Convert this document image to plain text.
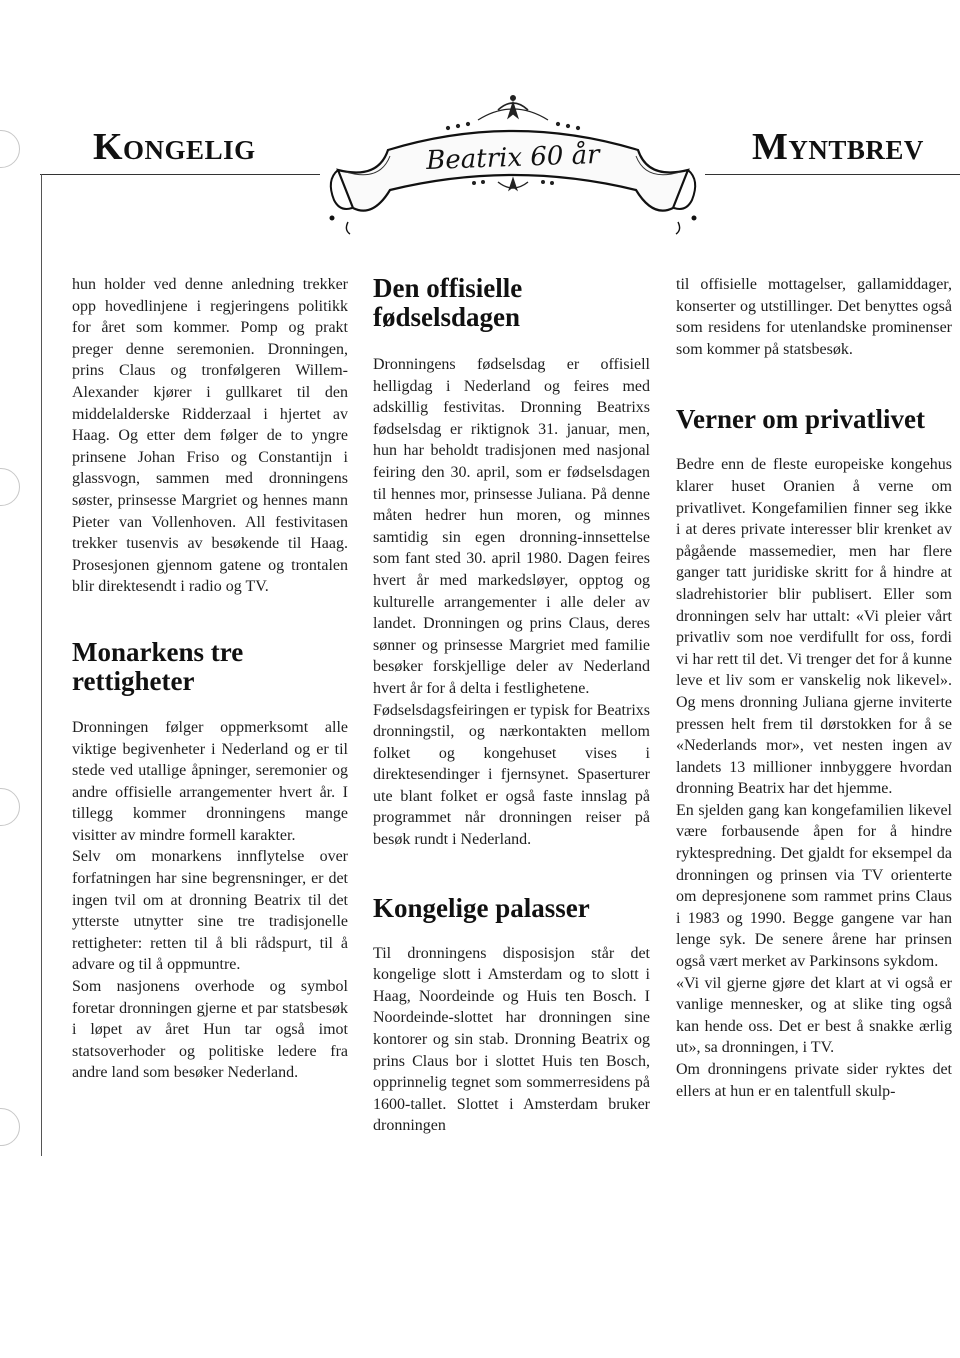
Kongelig	Myntbrev
Beatrix 60 år

hun holder ved denne anledning trekker opp hovedlinjene i regjeringens politikk for året som kommer. Pomp og prakt preger denne seremonien. Dronningen, prins Claus og tronfølgeren Willem-Alexander kjører i gullkaret til den middelalderske Ridderzaal i hjertet av Haag. Og etter dem følger de to yngre prinsene Johan Friso og Constantijn i glassvogn, sammen med dronningens søster, prinsesse Margriet og hennes mann Pieter van Vollenhoven. All festivitasen trekker tusenvis av besøkende til Haag. Prosesjonen gjennom gatene og trontalen blir direktesendt i radio og TV.

Monarkens tre rettigheter

Dronningen følger oppmerksomt alle viktige begivenheter i Nederland og er til stede ved utallige åpninger, seremonier og andre offisielle arrangementer hvert år. I tillegg kommer dronningens mange visitter av mindre formell karakter.

Selv om monarkens innflytelse over forfatningen har sine begrensninger, er det ingen tvil om at dronning Beatrix til det ytterste utnytter sine tre tradisjonelle rettigheter: retten til å bli rådspurt, til å advare og til å oppmuntre.

Som nasjonens overhode og symbol foretar dronningen gjerne et par statsbesøk i løpet av året Hun tar også imot statsoverhoder og politiske ledere fra andre land som besøker Nederland.

Den offisielle fødselsdagen

Dronningens fødselsdag er offisiell helligdag i Nederland og feires med adskillig festivitas. Dronning Beatrixs fødselsdag er riktignok 31. januar, men, hun har beholdt tradisjonen med nasjonal feiring den 30. april, som er fødselsdagen til hennes mor, prinsesse Juliana. På denne måten hedrer hun moren, og minnes samtidig sin egen dronning-innsettelse som fant sted 30. april 1980. Dagen feires hvert år med markedsløyer, opptog og kulturelle arrangementer i alle deler av landet. Dronningen og prins Claus, deres sønner og prinsesse Margriet med familie besøker forskjellige deler av Nederland hvert år for å delta i festlighetene.

Fødselsdagsfeiringen er typisk for Beatrixs dronningstil, og nærkontakten mellom folket og kongehuset vises i direktesendinger i fjernsynet. Spaserturer ute blant folket er også faste innslag på programmet når dronningen reiser på besøk rundt i Nederland.

Kongelige palasser

Til dronningens disposisjon står det kongelige slott i Amsterdam og to slott i Haag, Noordeinde og Huis ten Bosch. I Noordeinde-slottet har dronningen sine kontorer og sin stab. Dronning Beatrix og prins Claus bor i slottet Huis ten Bosch, opprinnelig tegnet som sommerresidens på 1600-tallet. Slottet i Amsterdam bruker dronningen

til offisielle mottagelser, gallamiddager, konserter og utstillinger. Det benyttes også som residens for utenlandske prominenser som kommer på statsbesøk.

Verner om privatlivet

Bedre enn de fleste europeiske kongehus klarer huset Oranien å verne om privatlivet. Kongefamilien finner seg ikke i at deres private interesser blir krenket av pågående massemedier, men har flere ganger tatt juridiske skritt for å hindre at sladrehistorier blir publisert. Eller som dronningen selv har uttalt: «Vi pleier vårt privatliv som noe verdifullt for oss, fordi vi har rett til det. Vi trenger det for å kunne leve et liv som er vanskelig nok likevel». Og mens dronning Juliana gjerne inviterte pressen helt frem til dørstokken for å se «Nederlands mor», vet nesten ingen av landets 13 millioner innbyggere hvordan dronning Beatrix har det hjemme.

En sjelden gang kan kongefamilien likevel være forbausende åpen for å hindre ryktespredning. Det gjaldt for eksempel da dronningen og prinsen via TV orienterte om depresjonene som rammet prins Claus i 1983 og 1990. Begge gangene var han lenge syk. De senere årene har prinsen også vært merket av Parkinsons sykdom.

«Vi vil gjerne gjøre det klart at vi også er vanlige mennesker, og at slike ting også kan hende oss. Det er best å snakke ærlig ut», sa dronningen, i TV.

Om dronningens private sider ryktes det ellers at hun er en talentfull skulp-
